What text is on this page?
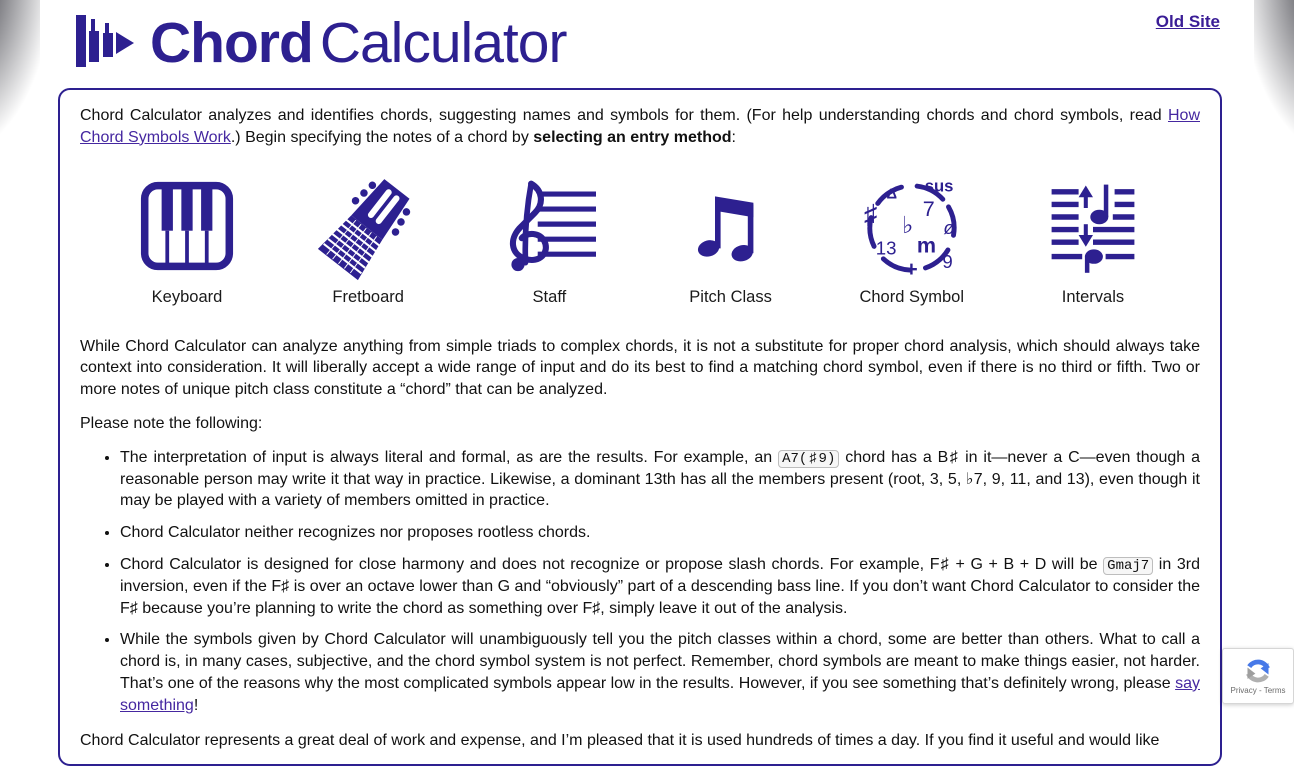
Chord Calculator	Old Site

Chord Calculator analyzes and identifies chords, suggesting names and symbols for them. (For help understanding chords and chord symbols, read How Chord Symbols Work.) Begin specifying the notes of a chord by selecting an entry method:

Keyboard	Fretboard	Staff	Pitch Class
sus
Δ
♯ 7
♭ ø
13 m
9
+
Chord Symbol	Intervals

While Chord Calculator can analyze anything from simple triads to complex chords, it is not a substitute for proper chord analysis, which should always take context into consideration. It will liberally accept a wide range of input and do its best to find a matching chord symbol, even if there is no third or fifth. Two or more notes of unique pitch class constitute a “chord” that can be analyzed.

Please note the following:

• The interpretation of input is always literal and formal, as are the results. For example, an A7(♯9) chord has a B♯ in it—never a C—even though a reasonable person may write it that way in practice. Likewise, a dominant 13th has all the members present (root, 3, 5, ♭7, 9, 11, and 13), even though it may be played with a variety of members omitted in practice.
• Chord Calculator neither recognizes nor proposes rootless chords.
• Chord Calculator is designed for close harmony and does not recognize or propose slash chords. For example, F♯ + G + B + D will be Gmaj7 in 3rd inversion, even if the F♯ is over an octave lower than G and “obviously” part of a descending bass line. If you don’t want Chord Calculator to consider the F♯ because you’re planning to write the chord as something over F♯, simply leave it out of the analysis.
• While the symbols given by Chord Calculator will unambiguously tell you the pitch classes within a chord, some are better than others. What to call a chord is, in many cases, subjective, and the chord symbol system is not perfect. Remember, chord symbols are meant to make things easier, not harder. That’s one of the reasons why the most complicated symbols appear low in the results. However, if you see something that’s definitely wrong, please say something!

Chord Calculator represents a great deal of work and expense, and I’m pleased that it is used hundreds of times a day. If you find it useful and would like

Privacy - Terms
